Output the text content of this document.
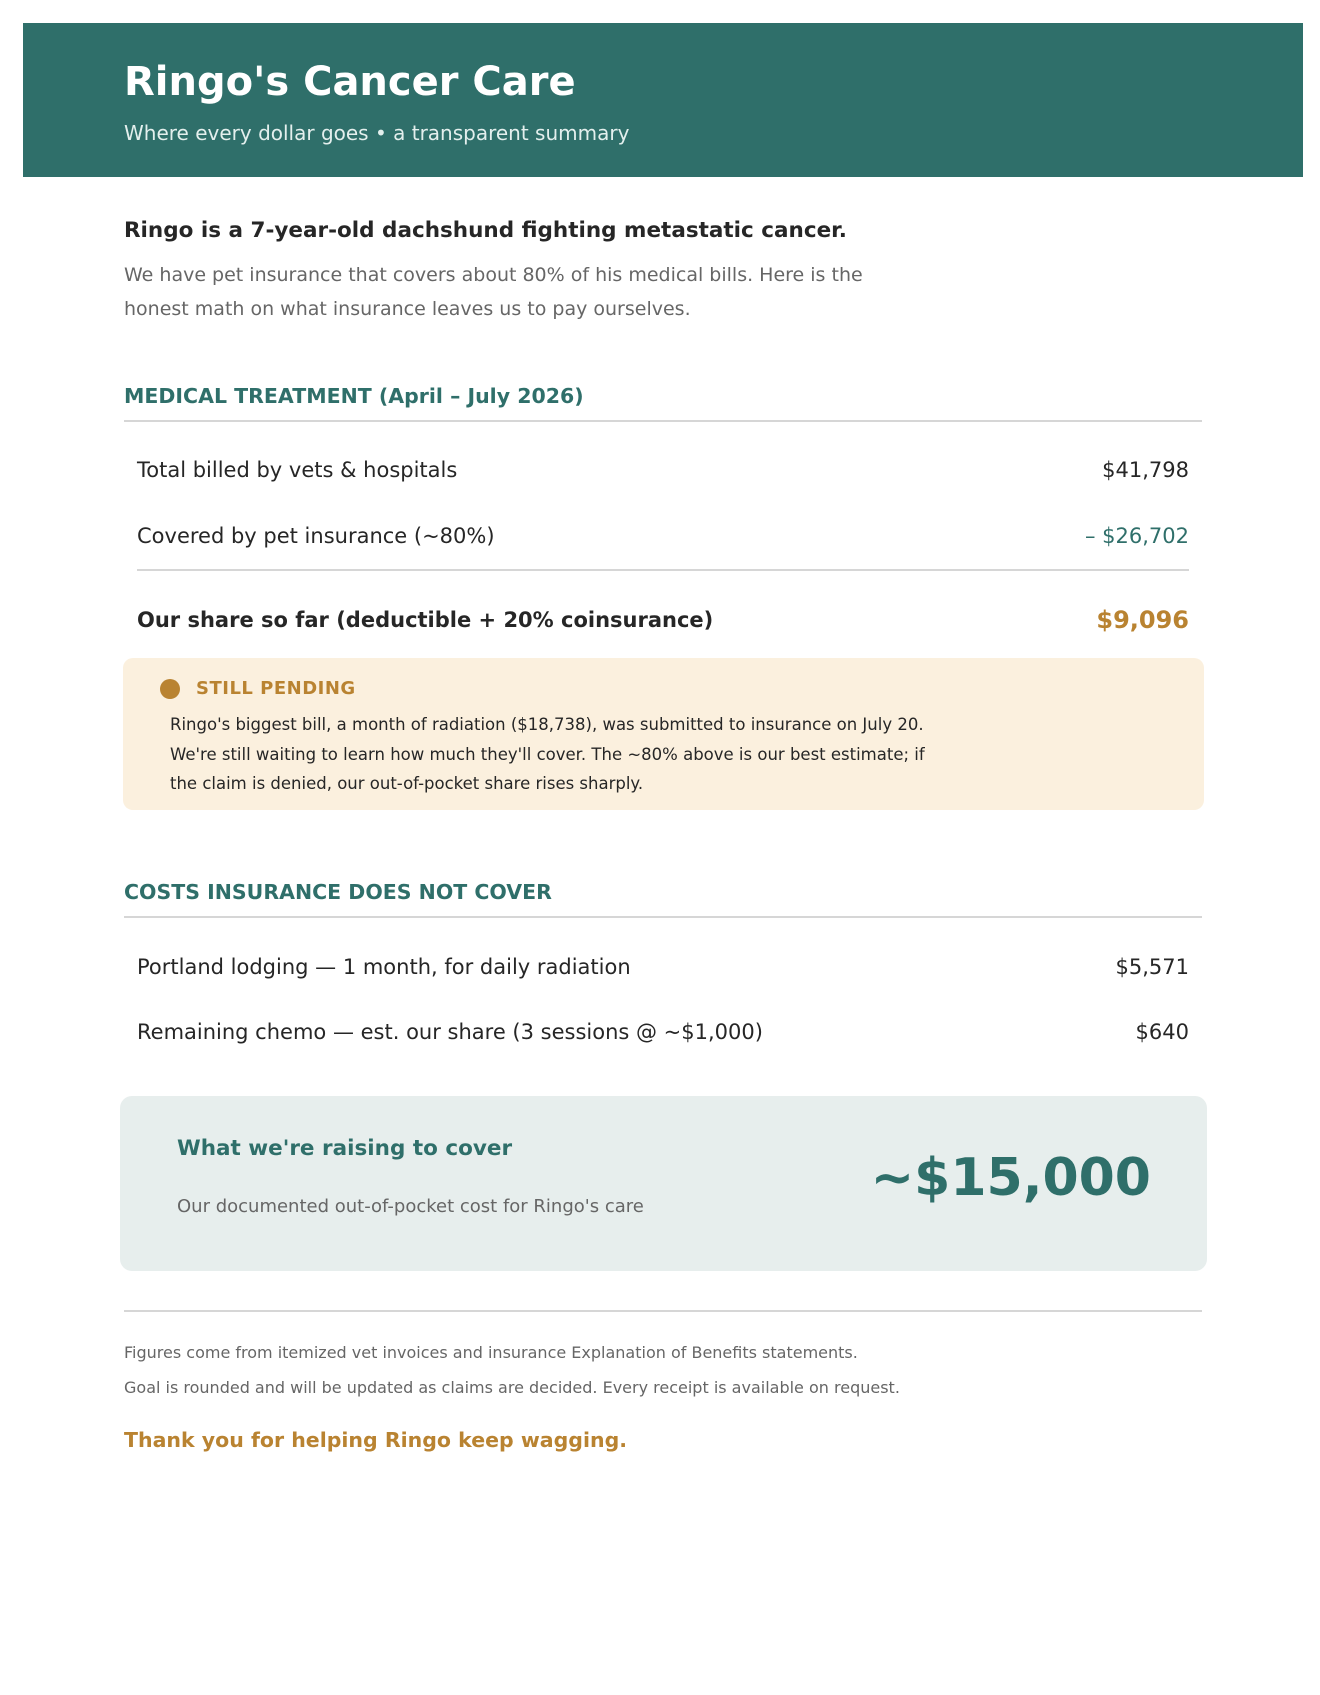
Ringo's Cancer Care
Where every dollar goes • a transparent summary
Ringo is a 7-year-old dachshund fighting metastatic cancer.
We have pet insurance that covers about 80% of his medical bills. Here is the honest math on what insurance leaves us to pay ourselves.
MEDICAL TREATMENT (April – July 2026)
Total billed by vets & hospitals	$41,798
Covered by pet insurance (~80%)	– $26,702
Our share so far (deductible + 20% coinsurance)	$9,096
STILL PENDING
Ringo's biggest bill, a month of radiation ($18,738), was submitted to insurance on July 20. We're still waiting to learn how much they'll cover. The ~80% above is our best estimate; if the claim is denied, our out-of-pocket share rises sharply.
COSTS INSURANCE DOES NOT COVER
Portland lodging — 1 month, for daily radiation	$5,571
Remaining chemo — est. our share (3 sessions @ ~$1,000)	$640
What we're raising to cover
Our documented out-of-pocket cost for Ringo's care	~$15,000
Figures come from itemized vet invoices and insurance Explanation of Benefits statements.
Goal is rounded and will be updated as claims are decided. Every receipt is available on request.
Thank you for helping Ringo keep wagging.
